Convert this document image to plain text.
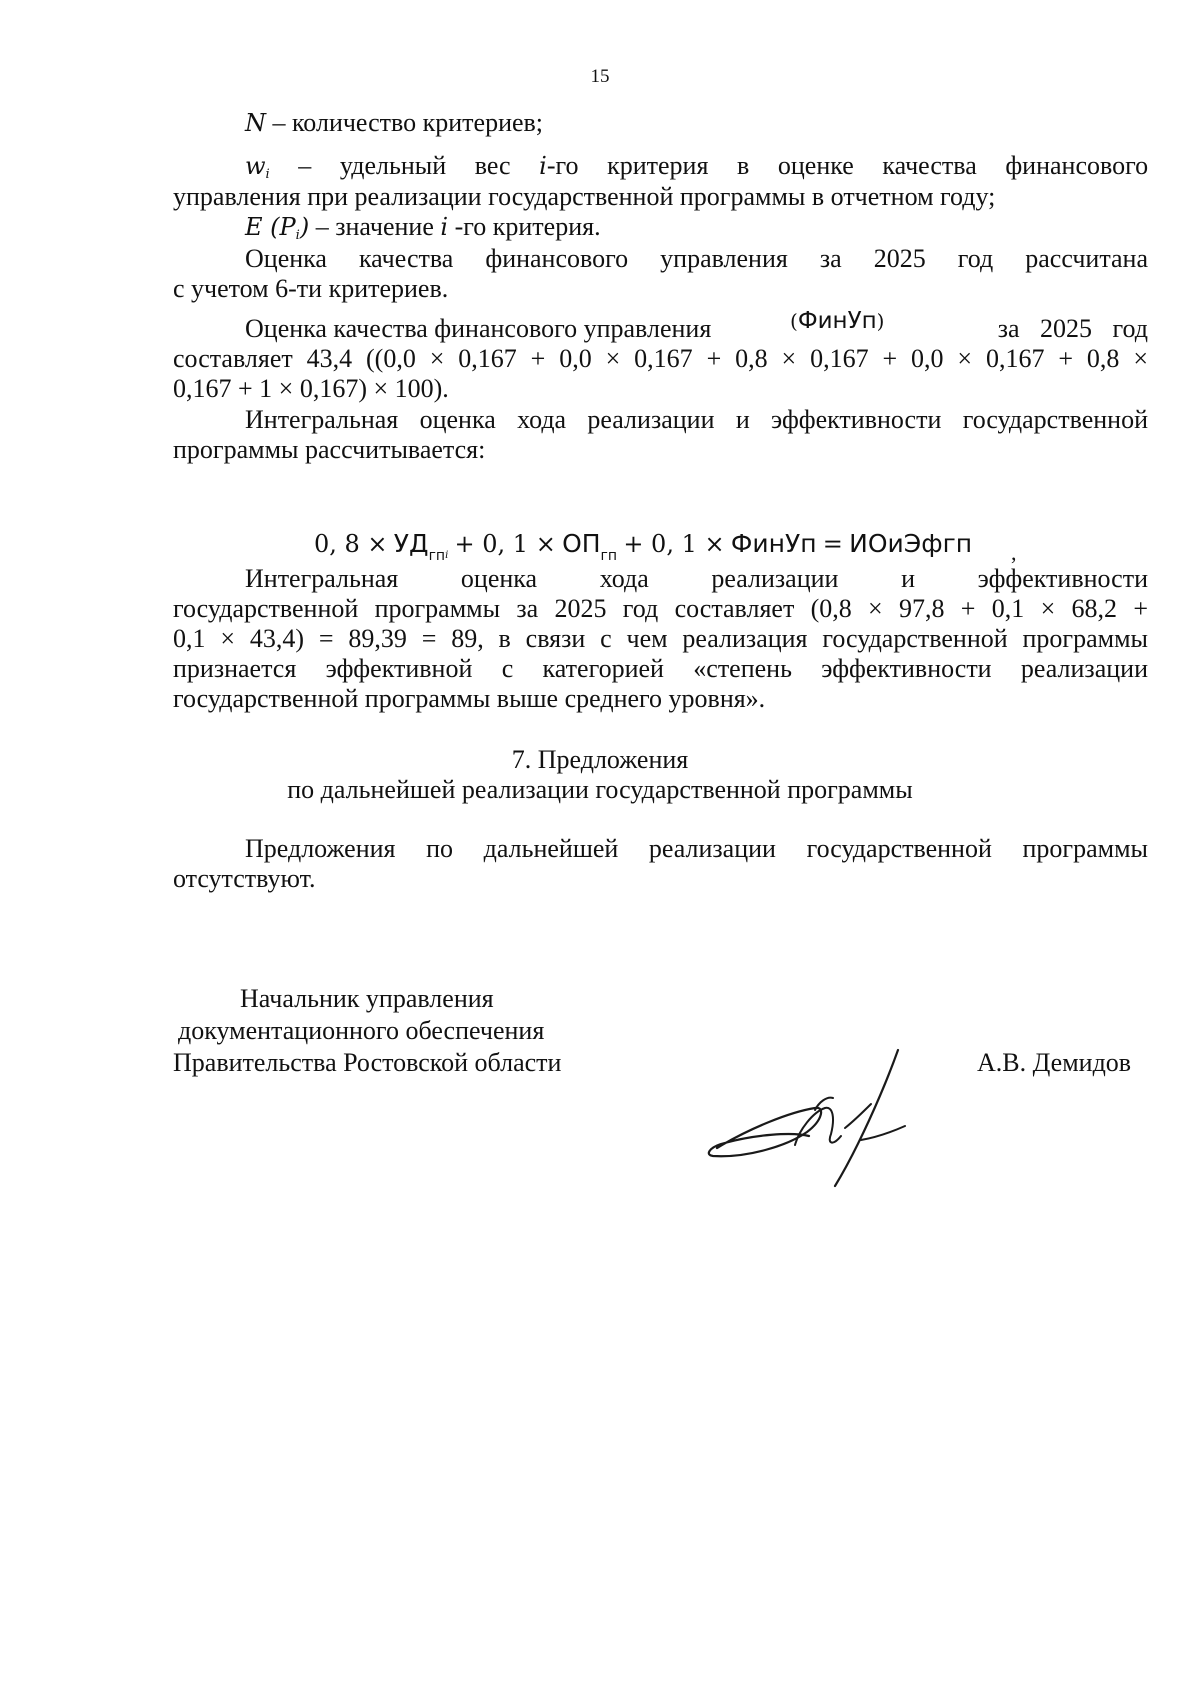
15
N – количество критериев;
wi – удельный вес i-го критерия в оценке качества финансового
управления при реализации государственной программы в отчетном году;
E (Pi) – значение i -го критерия.
Оценка качества финансового управления за 2025 год рассчитана
с учетом 6-ти критериев.
Оценка качества финансового управления	(ФинУп)	за 2025 год
составляет 43,4 ((0,0 × 0,167 + 0,0 × 0,167 + 0,8 × 0,167 + 0,0 × 0,167 + 0,8 ×
0,167 + 1 × 0,167) × 100).
Интегральная оценка хода реализации и эффективности государственной
программы рассчитывается:
0, $8 \times УД_{гпi} + 0$, $1 \times ОП_{гп} + 0$, 1 × ФинУп = ИОиЭфгп	,
Интегральная оценка хода реализации и эффективности
государственной программы за 2025 год составляет (0,8 × 97,8 + 0,1 × 68,2 +
0,1 × 43,4) = 89,39 = 89, в связи с чем реализация государственной программы
признается эффективной с категорией «степень эффективности реализации
государственной программы выше среднего уровня».
7. Предложения
по дальнейшей реализации государственной программы
Предложения по дальнейшей реализации государственной программы
отсутствуют.
Начальник управления
документационного обеспечения
Правительства Ростовской области	А.В. Демидов
